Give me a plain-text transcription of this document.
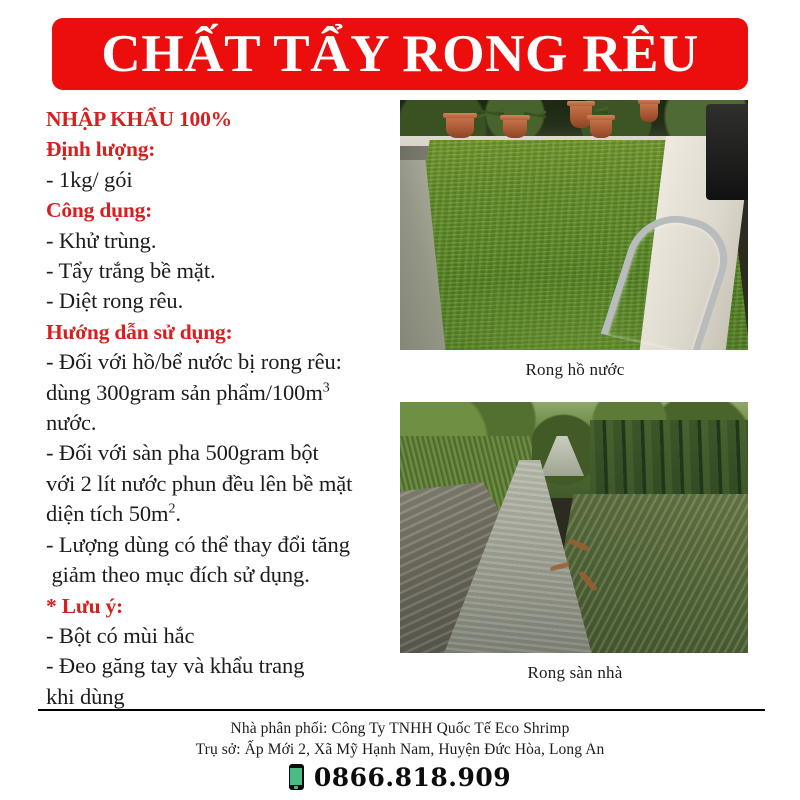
CHẤT TẨY RONG RÊU
NHẬP KHẨU 100%
Định lượng:
- 1kg/ gói
Công dụng:
- Khử trùng.
- Tẩy trắng bề mặt.
- Diệt rong rêu.
Hướng dẫn sử dụng:
- Đối với hồ/bể nước bị rong rêu:
dùng 300gram sản phẩm/$100m^3$
nước.
- Đối với sàn pha 500gram bột
với 2 lít nước phun đều lên bề mặt
diện tích $50m^2$.
- Lượng dùng có thể thay đổi tăng
giảm theo mục đích sử dụng.
* Lưu ý:
- Bột có mùi hắc
- Đeo găng tay và khẩu trang
khi dùng
Rong hồ nước
Rong sàn nhà
Nhà phân phối: Công Ty TNHH Quốc Tế Eco Shrimp
Trụ sở: Ấp Mới 2, Xã Mỹ Hạnh Nam, Huyện Đức Hòa, Long An
0866.818.909
